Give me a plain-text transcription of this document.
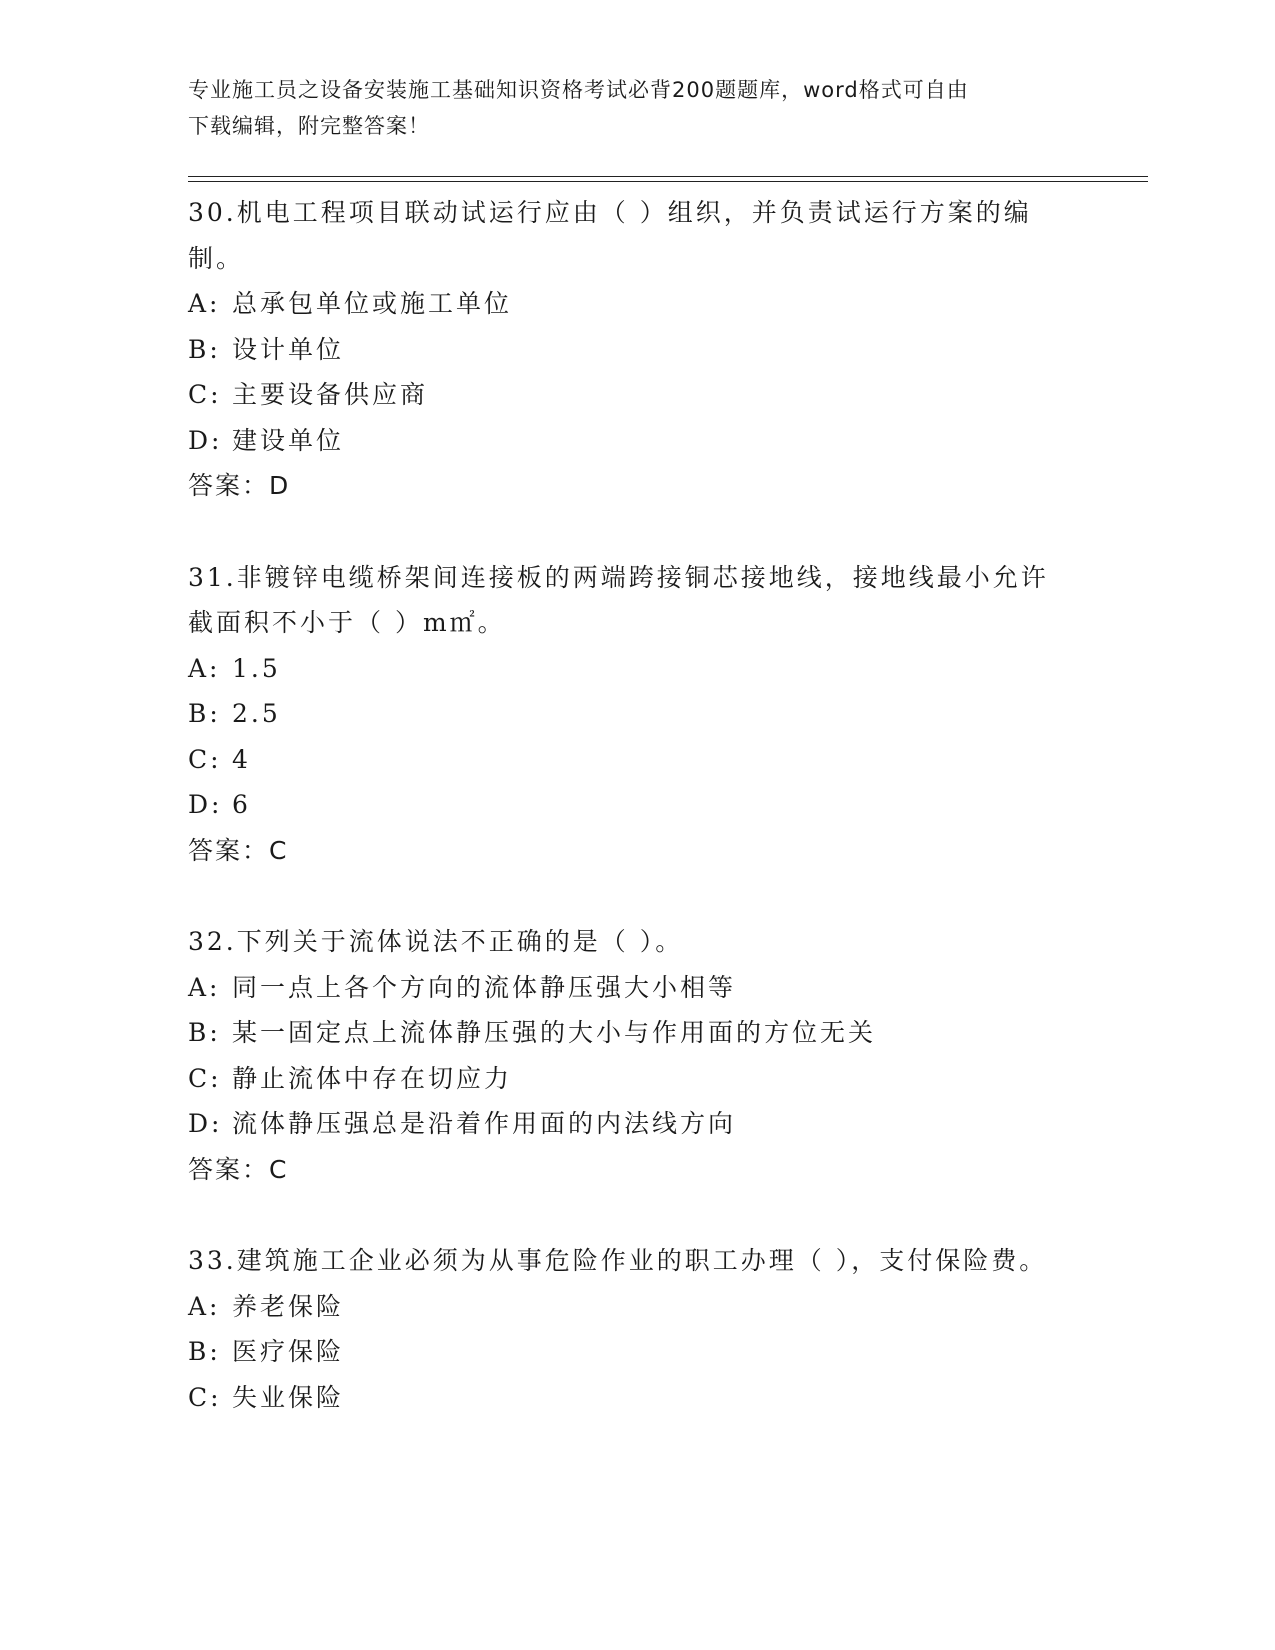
专业施工员之设备安装施工基础知识资格考试必背200题题库，word格式可自由
下载编辑，附完整答案！
30.机电工程项目联动试运行应由（ ）组织，并负责试运行方案的编制。
A: 总承包单位或施工单位
B: 设计单位
C: 主要设备供应商
D: 建设单位
答案：D
31.非镀锌电缆桥架间连接板的两端跨接铜芯接地线，接地线最小允许截面积不小于（ ）m㎡。
A: 1.5
B: 2.5
C: 4
D: 6
答案：C
32.下列关于流体说法不正确的是（ ）。
A: 同一点上各个方向的流体静压强大小相等
B: 某一固定点上流体静压强的大小与作用面的方位无关
C: 静止流体中存在切应力
D: 流体静压强总是沿着作用面的内法线方向
答案：C
33.建筑施工企业必须为从事危险作业的职工办理（ ），支付保险费。
A: 养老保险
B: 医疗保险
C: 失业保险
